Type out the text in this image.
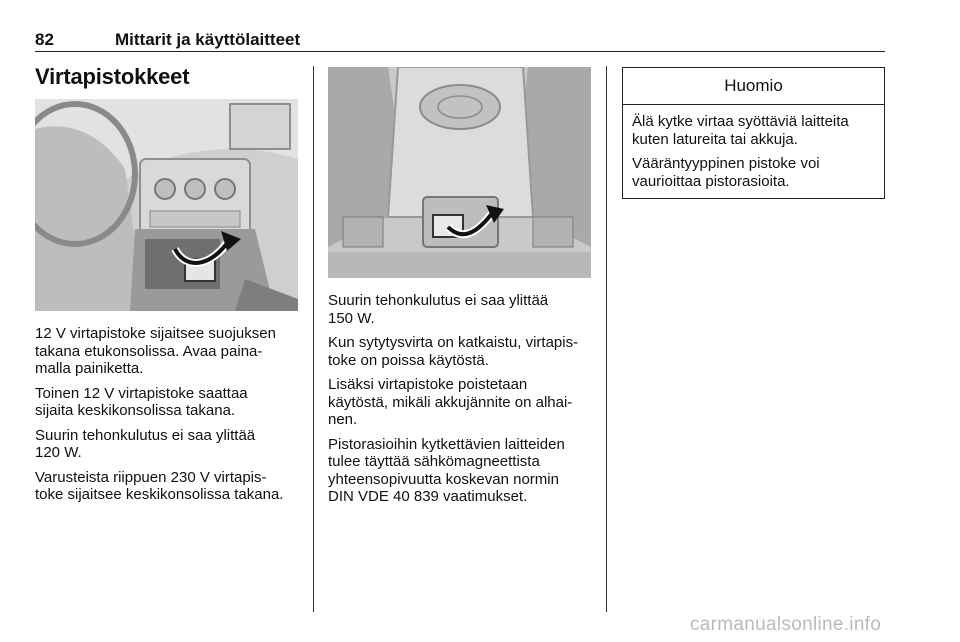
82	Mittarit ja käyttölaitteet
Virtapistokkeet

12 V virtapistoke sijaitsee suojuksen
takana etukonsolissa. Avaa paina-
malla painiketta.

Toinen 12 V virtapistoke saattaa
sijaita keskikonsolissa takana.

Suurin tehonkulutus ei saa ylittää
120 W.

Varusteista riippuen 230 V virtapis-
toke sijaitsee keskikonsolissa takana.

Suurin tehonkulutus ei saa ylittää
150 W.

Kun sytytysvirta on katkaistu, virtapis-
toke on poissa käytöstä.

Lisäksi virtapistoke poistetaan
käytöstä, mikäli akkujännite on alhai-
nen.

Pistorasioihin kytkettävien laitteiden
tulee täyttää sähkömagneettista
yhteensopivuutta koskevan normin
DIN VDE 40 839 vaatimukset.

Huomio

Älä kytke virtaa syöttäviä laitteita
kuten latureita tai akkuja.

Vääräntyyppinen pistoke voi
vaurioittaa pistorasioita.

carmanualsonline.info
